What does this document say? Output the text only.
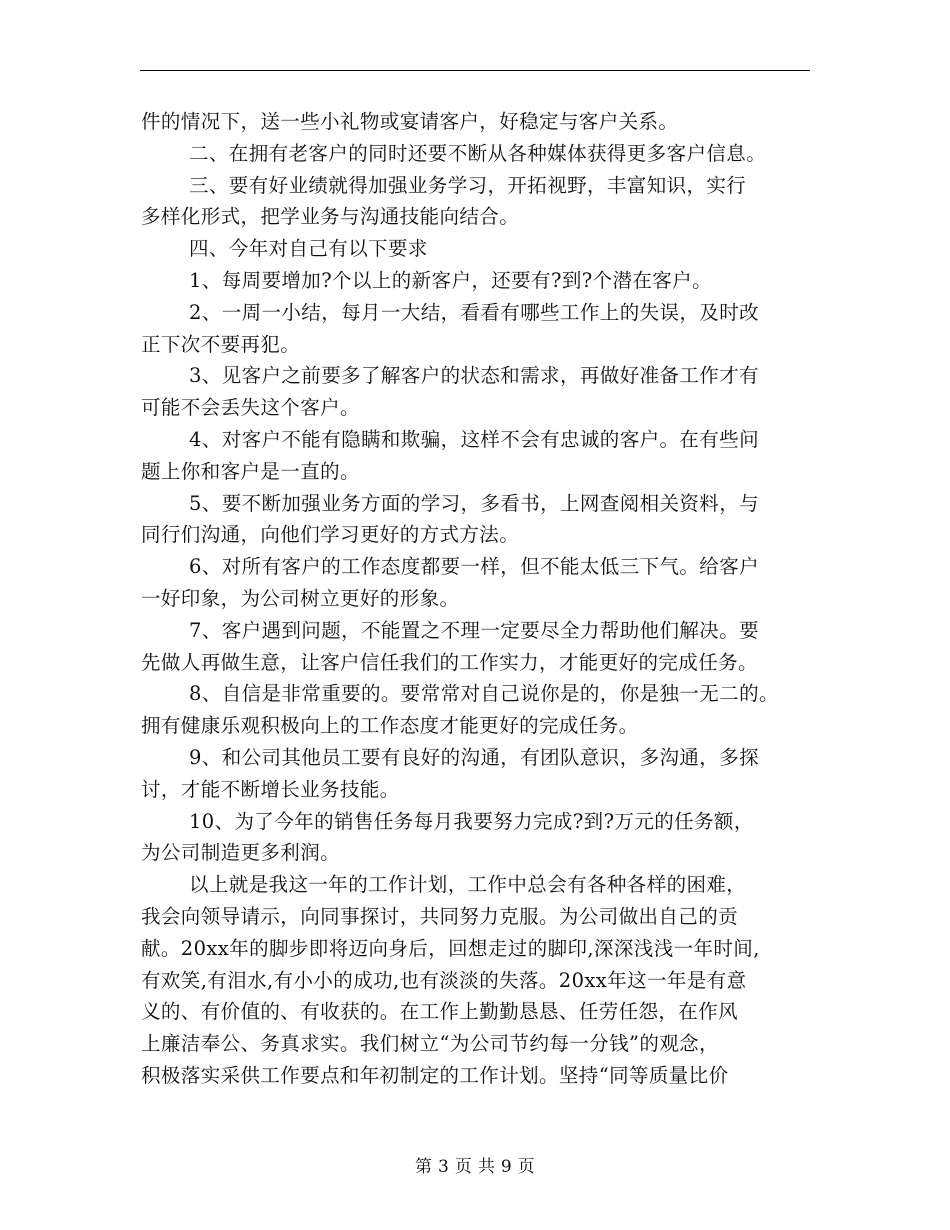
件的情况下，送一些小礼物或宴请客户，好稳定与客户关系。
二、在拥有老客户的同时还要不断从各种媒体获得更多客户信息。
三、要有好业绩就得加强业务学习，开拓视野，丰富知识，实行
多样化形式，把学业务与沟通技能向结合。
四、今年对自己有以下要求
1、每周要增加?个以上的新客户，还要有?到?个潜在客户。
2、一周一小结，每月一大结，看看有哪些工作上的失误，及时改
正下次不要再犯。
3、见客户之前要多了解客户的状态和需求，再做好准备工作才有
可能不会丢失这个客户。
4、对客户不能有隐瞒和欺骗，这样不会有忠诚的客户。在有些问
题上你和客户是一直的。
5、要不断加强业务方面的学习，多看书，上网查阅相关资料，与
同行们沟通，向他们学习更好的方式方法。
6、对所有客户的工作态度都要一样，但不能太低三下气。给客户
一好印象，为公司树立更好的形象。
7、客户遇到问题，不能置之不理一定要尽全力帮助他们解决。要
先做人再做生意，让客户信任我们的工作实力，才能更好的完成任务。
8、自信是非常重要的。要常常对自己说你是的，你是独一无二的。
拥有健康乐观积极向上的工作态度才能更好的完成任务。
9、和公司其他员工要有良好的沟通，有团队意识，多沟通，多探
讨，才能不断增长业务技能。
10、为了今年的销售任务每月我要努力完成?到?万元的任务额，
为公司制造更多利润。
以上就是我这一年的工作计划，工作中总会有各种各样的困难，
我会向领导请示，向同事探讨，共同努力克服。为公司做出自己的贡
献。20xx年的脚步即将迈向身后，回想走过的脚印,深深浅浅一年时间,
有欢笑,有泪水,有小小的成功,也有淡淡的失落。20xx年这一年是有意
义的、有价值的、有收获的。在工作上勤勤恳恳、任劳任怨，在作风
上廉洁奉公、务真求实。我们树立“为公司节约每一分钱”的观念，
积极落实采供工作要点和年初制定的工作计划。坚持“同等质量比价
第 3 页 共 9 页
